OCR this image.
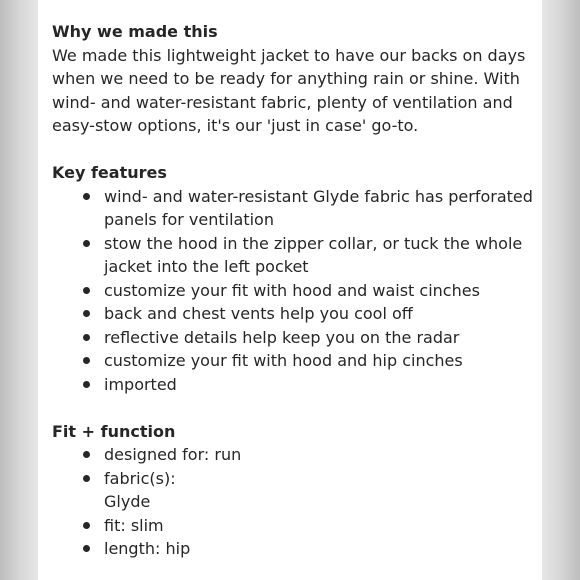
Why we made this
We made this lightweight jacket to have our backs on days
when we need to be ready for anything rain or shine. With
wind- and water-resistant fabric, plenty of ventilation and
easy-stow options, it's our 'just in case' go-to.
Key features
wind- and water-resistant Glyde fabric has perforated
panels for ventilation
stow the hood in the zipper collar, or tuck the whole
jacket into the left pocket
customize your fit with hood and waist cinches
back and chest vents help you cool off
reflective details help keep you on the radar
customize your fit with hood and hip cinches
imported
Fit + function
designed for: run
fabric(s):
Glyde
fit: slim
length: hip
